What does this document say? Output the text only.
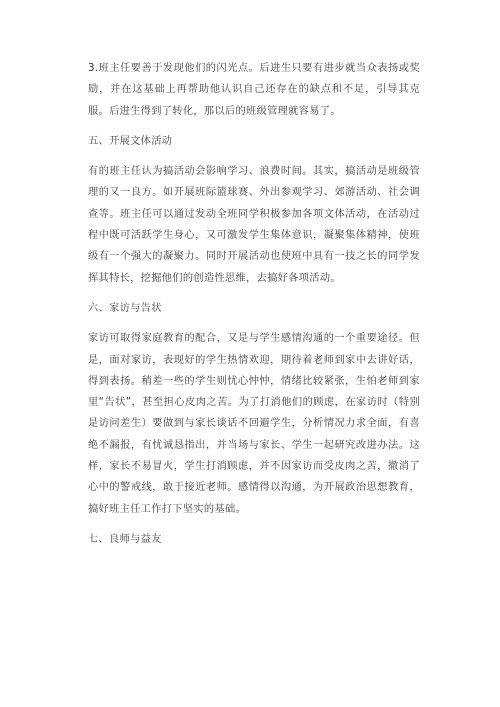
3.班主任要善于发现他们的闪光点。后进生只要有进步就当众表扬或奖励，并在这基础上再帮助他认识自己还存在的缺点和不足，引导其克服。后进生得到了转化，那以后的班级管理就容易了。

五、开展文体活动

有的班主任认为搞活动会影响学习、浪费时间。其实，搞活动是班级管理的又一良方。如开展班际篮球赛、外出参观学习、郊游活动、社会调查等。班主任可以通过发动全班同学积极参加各项文体活动，在活动过程中既可活跃学生身心，又可激发学生集体意识，凝聚集体精神，使班级有一个强大的凝聚力。同时开展活动也使班中具有一技之长的同学发挥其特长，挖掘他们的创造性思维，去搞好各项活动。

六、家访与告状

家访可取得家庭教育的配合，又是与学生感情沟通的一个重要途径。但是，面对家访，表现好的学生热情欢迎，期待着老师到家中去讲好话，得到表扬。稍差一些的学生则忧心忡忡，情绪比较紧张，生怕老师到家里“告状”，甚至担心皮肉之苦。为了打消他们的顾虑，在家访时（特别是访问差生）要做到与家长谈话不回避学生，分析情况力求全面，有喜绝不漏报，有忧诚恳指出，并当场与家长、学生一起研究改进办法。这样，家长不易冒火，学生打消顾虑，并不因家访而受皮肉之苦，撤消了心中的警戒线，敢于接近老师。感情得以沟通，为开展政治思想教育，搞好班主任工作打下坚实的基础。

七、良师与益友
